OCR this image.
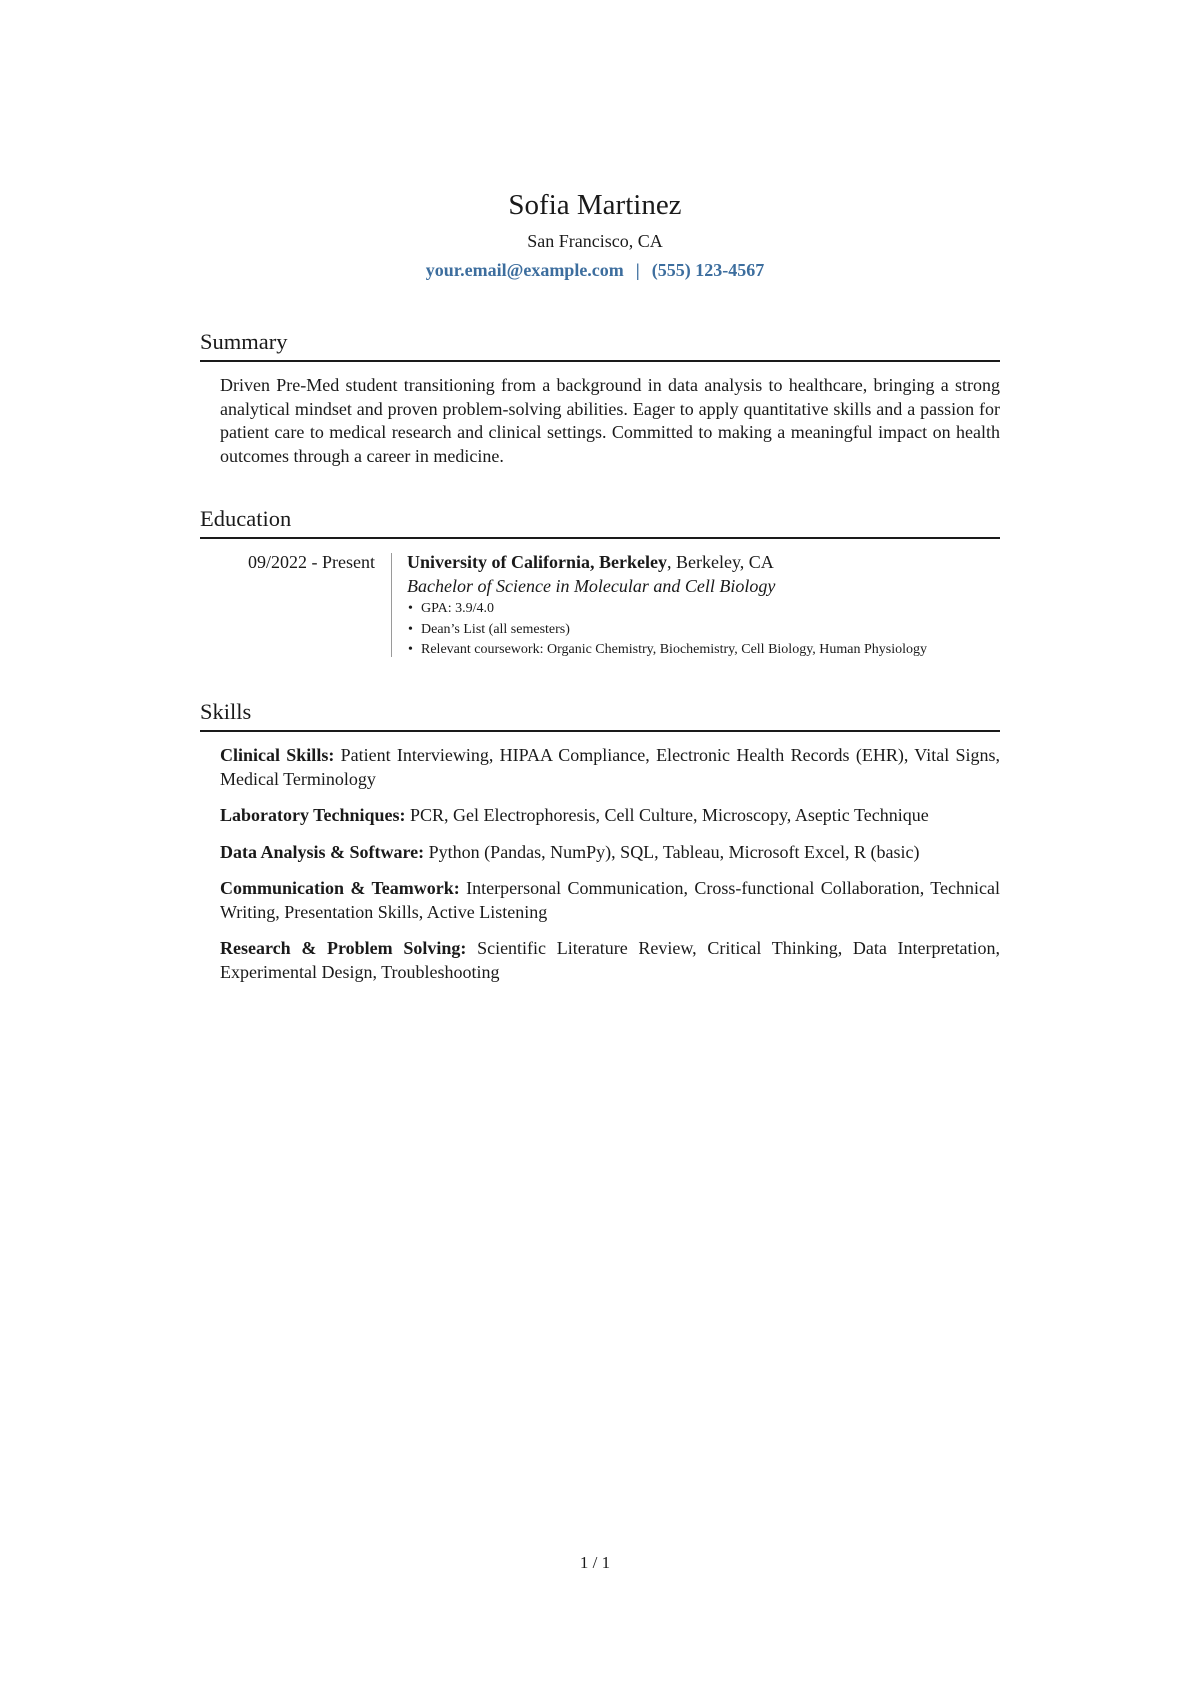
Sofia Martinez
San Francisco, CA
your.email@example.com | (555) 123-4567
Summary

Driven Pre-Med student transitioning from a background in data analysis to healthcare, bringing a strong analytical mindset and proven problem-solving abilities. Eager to apply quantitative skills and a passion for patient care to medical research and clinical settings. Committed to making a meaningful impact on health outcomes through a career in medicine.

Education
09/2022 - Present University of California, Berkeley, Berkeley, CA
Bachelor of Science in Molecular and Cell Biology
• GPA: 3.9/4.0
• Dean’s List (all semesters)
• Relevant coursework: Organic Chemistry, Biochemistry, Cell Biology, Human Physiology
Skills

Clinical Skills: Patient Interviewing, HIPAA Compliance, Electronic Health Records (EHR), Vital Signs, Medical Terminology

Laboratory Techniques: PCR, Gel Electrophoresis, Cell Culture, Microscopy, Aseptic Technique

Data Analysis & Software: Python (Pandas, NumPy), SQL, Tableau, Microsoft Excel, R (basic)

Communication & Teamwork: Interpersonal Communication, Cross-functional Collaboration, Technical Writing, Presentation Skills, Active Listening

Research & Problem Solving: Scientific Literature Review, Critical Thinking, Data Interpretation, Experimental Design, Troubleshooting

1 / 1
